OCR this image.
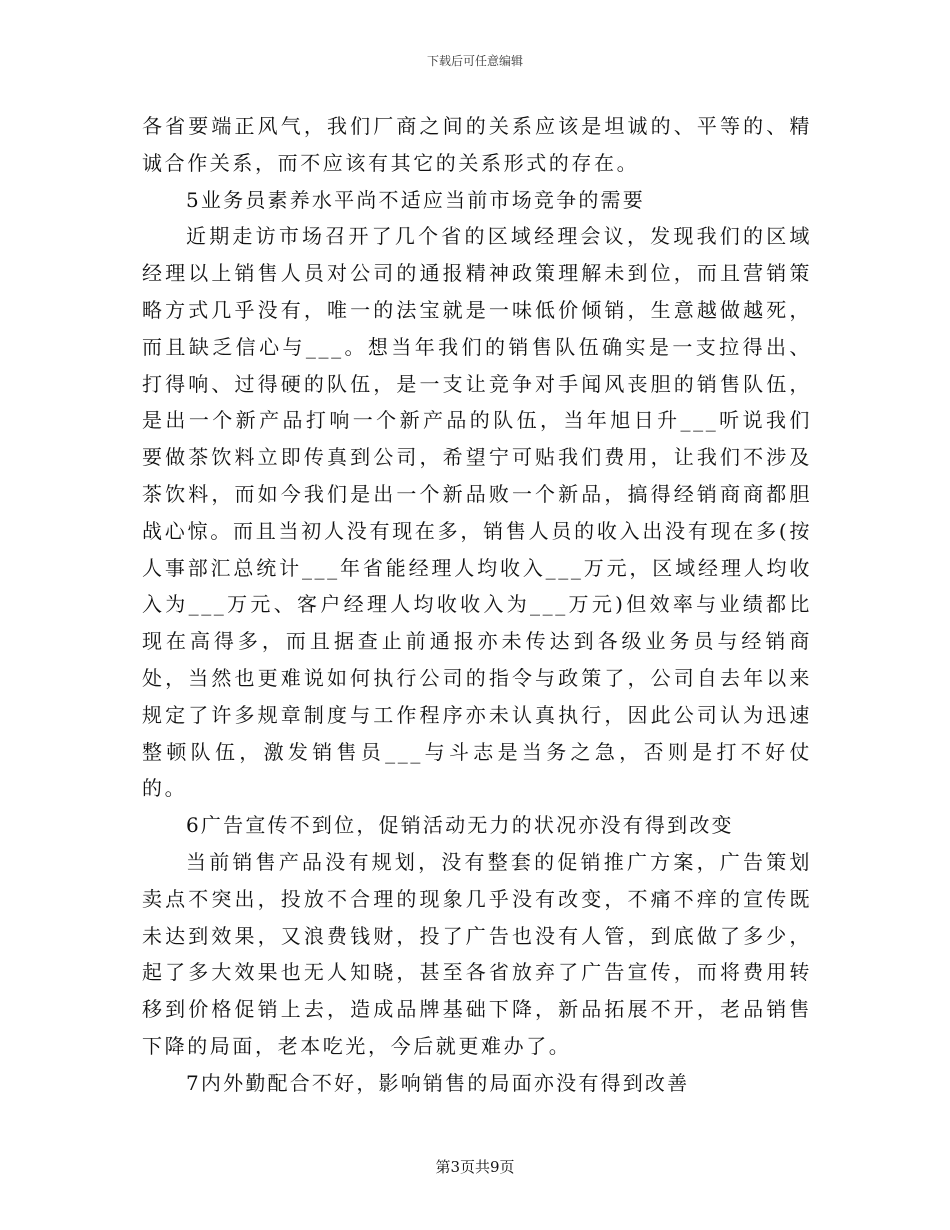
下载后可任意编辑

各省要端正风气，我们厂商之间的关系应该是坦诚的、平等的、精诚合作关系，而不应该有其它的关系形式的存在。

5业务员素养水平尚不适应当前市场竞争的需要

近期走访市场召开了几个省的区域经理会议，发现我们的区域经理以上销售人员对公司的通报精神政策理解未到位，而且营销策略方式几乎没有，唯一的法宝就是一味低价倾销，生意越做越死，而且缺乏信心与___。想当年我们的销售队伍确实是一支拉得出、打得响、过得硬的队伍，是一支让竞争对手闻风丧胆的销售队伍，是出一个新产品打响一个新产品的队伍，当年旭日升___听说我们要做茶饮料立即传真到公司，希望宁可贴我们费用，让我们不涉及茶饮料，而如今我们是出一个新品败一个新品，搞得经销商商都胆战心惊。而且当初人没有现在多，销售人员的收入出没有现在多(按人事部汇总统计___年省能经理人均收入___万元，区域经理人均收入为___万元、客户经理人均收收入为___万元)但效率与业绩都比现在高得多，而且据查止前通报亦未传达到各级业务员与经销商处，当然也更难说如何执行公司的指令与政策了，公司自去年以来规定了许多规章制度与工作程序亦未认真执行，因此公司认为迅速整顿队伍，激发销售员___与斗志是当务之急，否则是打不好仗的。

6广告宣传不到位，促销活动无力的状况亦没有得到改变

当前销售产品没有规划，没有整套的促销推广方案，广告策划卖点不突出，投放不合理的现象几乎没有改变，不痛不痒的宣传既未达到效果，又浪费钱财，投了广告也没有人管，到底做了多少，起了多大效果也无人知晓，甚至各省放弃了广告宣传，而将费用转移到价格促销上去，造成品牌基础下降，新品拓展不开，老品销售下降的局面，老本吃光，今后就更难办了。

7内外勤配合不好，影响销售的局面亦没有得到改善

第3页共9页
